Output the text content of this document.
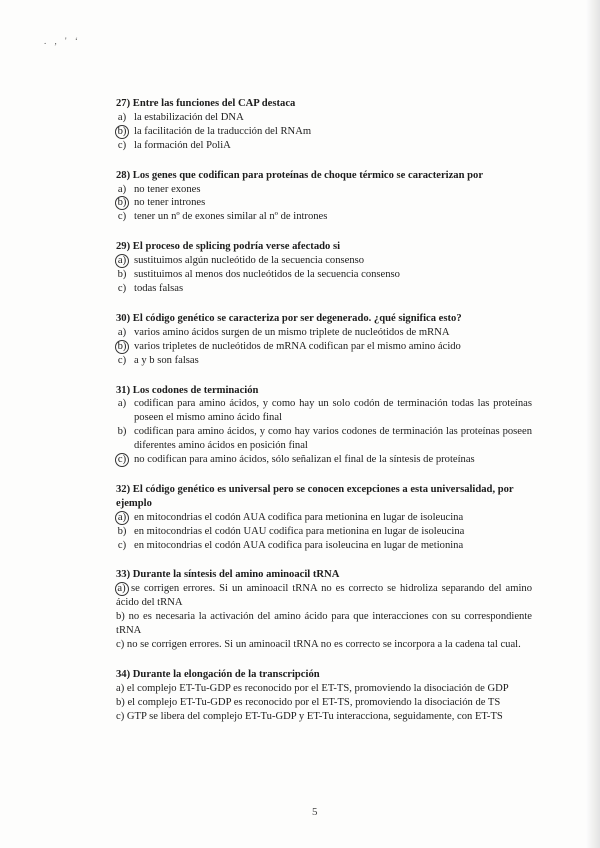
. , ' ‘
27) Entre las funciones del CAP destaca
a) la estabilización del DNA
b) la facilitación de la traducción del RNAm
c) la formación del PoliA
28) Los genes que codifican para proteínas de choque térmico se caracterizan por
a) no tener exones
b) no tener intrones
c) tener un nº de exones similar al nº de intrones
29) El proceso de splicing podría verse afectado si
a) sustituimos algún nucleótido de la secuencia consenso
b) sustituimos al menos dos nucleótidos de la secuencia consenso
c) todas falsas
30) El código genético se caracteriza por ser degenerado. ¿qué significa esto?
a) varios amino ácidos surgen de un mismo triplete de nucleótidos de mRNA
b) varios tripletes de nucleótidos de mRNA codifican par el mismo amino ácido
c) a y b son falsas
31) Los codones de terminación
a) codifican para amino ácidos, y como hay un solo codón de terminación todas las proteínas poseen el mismo amino ácido final
b) codifican para amino ácidos, y como hay varios codones de terminación las proteínas poseen diferentes amino ácidos en posición final
c) no codifican para amino ácidos, sólo señalizan el final de la síntesis de proteínas
32) El código genético es universal pero se conocen excepciones a esta universalidad, por ejemplo
a) en mitocondrias el codón AUA codifica para metionina en lugar de isoleucina
b) en mitocondrias el codón UAU codifica para metionina en lugar de isoleucina
c) en mitocondrias el codón AUA codifica para isoleucina en lugar de metionina
33) Durante la síntesis del amino aminoacil tRNA
a) se corrigen errores. Si un aminoacil tRNA no es correcto se hidroliza separando del amino ácido del tRNA
b) no es necesaria la activación del amino ácido para que interacciones con su correspondiente tRNA
c) no se corrigen errores. Si un aminoacil tRNA no es correcto se incorpora a la cadena tal cual.
34) Durante la elongación de la transcripción
a) el complejo ET-Tu-GDP es reconocido por el ET-TS, promoviendo la disociación de GDP
b) el complejo ET-Tu-GDP es reconocido por el ET-TS, promoviendo la disociación de TS
c) GTP se libera del complejo ET-Tu-GDP y ET-Tu interacciona, seguidamente, con ET-TS
5
